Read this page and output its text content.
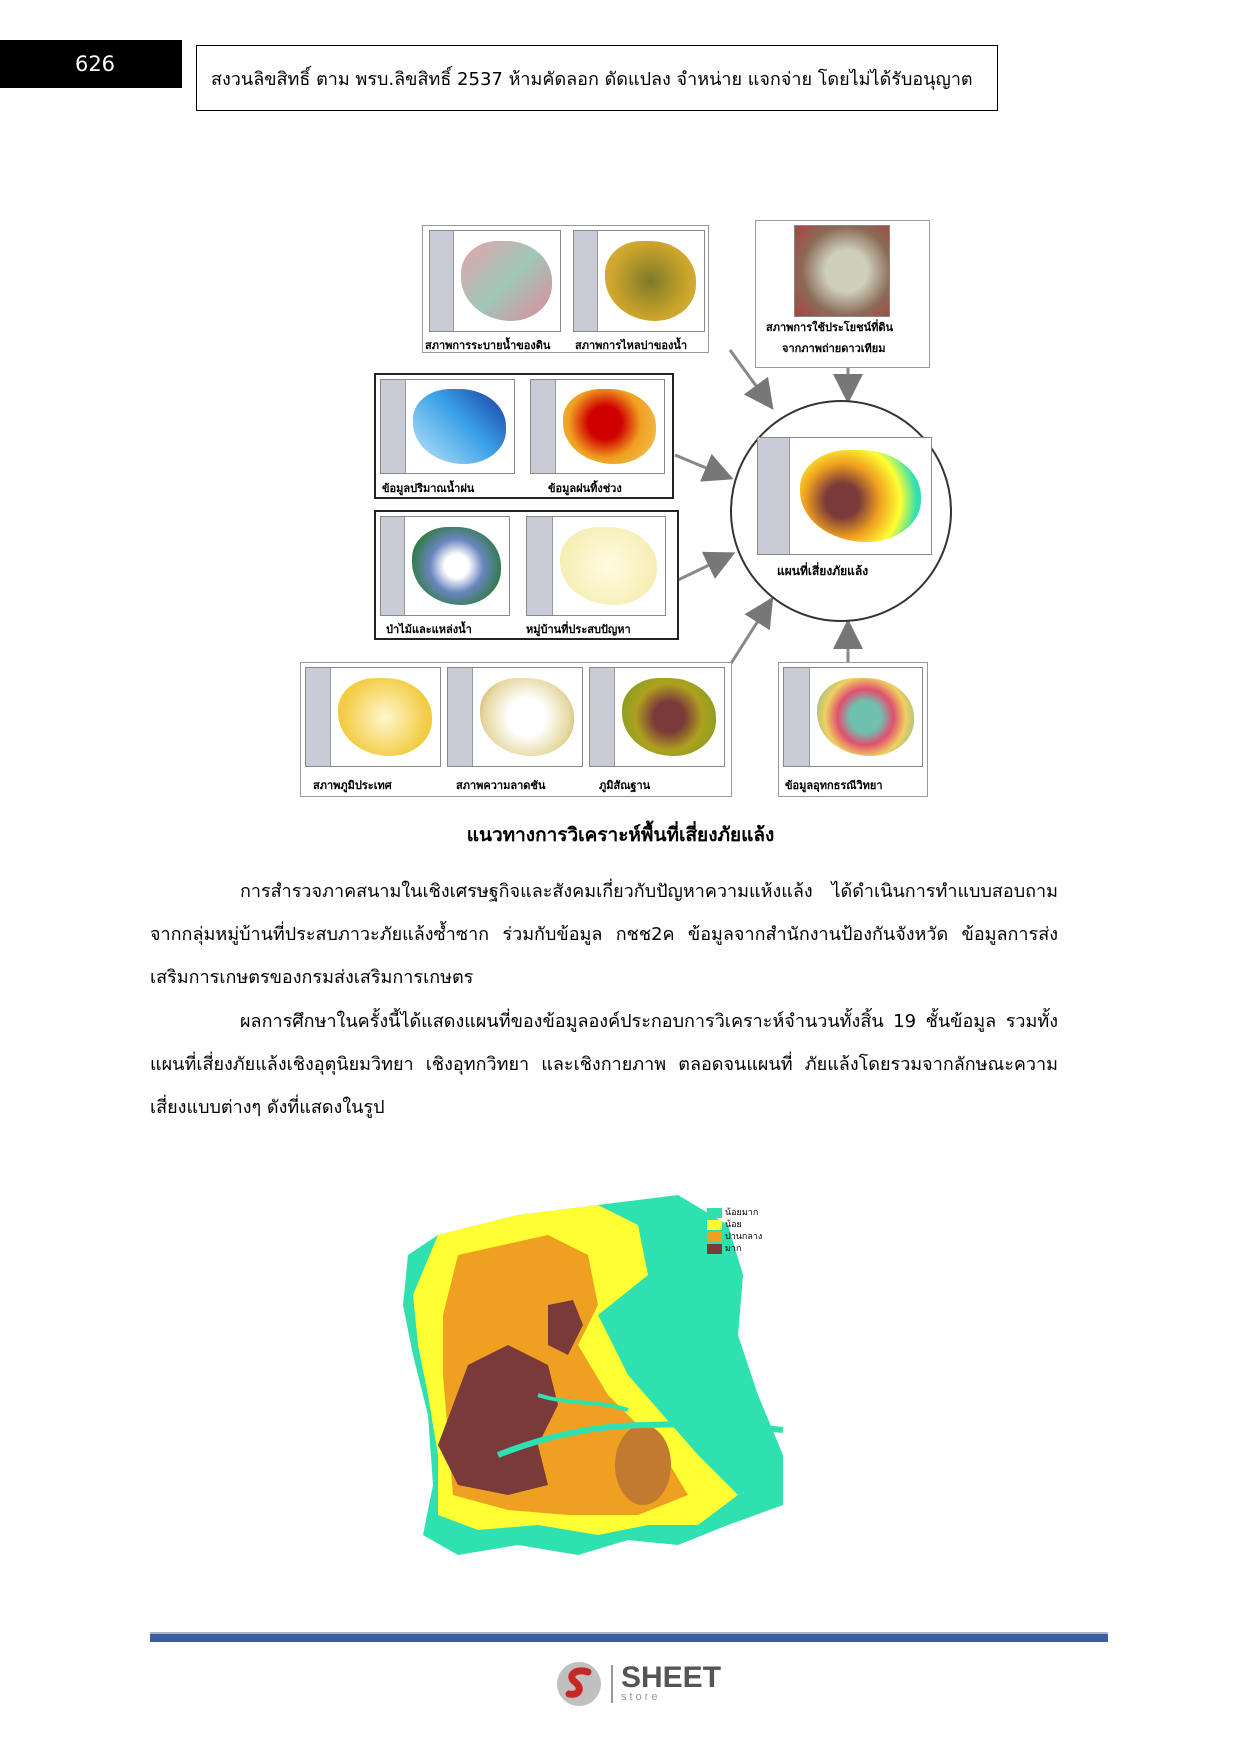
626
สงวนลิขสิทธิ์ ตาม พรบ.ลิขสิทธิ์ 2537 ห้ามคัดลอก ดัดแปลง จำหน่าย แจกจ่าย โดยไม่ได้รับอนุญาต
สภาพการระบายน้ำของดิน สภาพการไหลบ่าของน้ำ
สภาพการใช้ประโยชน์ที่ดิน
จากภาพถ่ายดาวเทียม
ข้อมูลปริมาณน้ำฝน	ข้อมูลฝนทิ้งช่วง
ป่าไม้และแหล่งน้ำ	หมู่บ้านที่ประสบปัญหา
สภาพภูมิประเทศ	สภาพความลาดชัน	ภูมิสัณฐาน	ข้อมูลอุทกธรณีวิทยา
แผนที่เสี่ยงภัยแล้ง
แนวทางการวิเคราะห์พื้นที่เสี่ยงภัยแล้ง

การสำรวจภาคสนามในเชิงเศรษฐกิจและสังคมเกี่ยวกับปัญหาความแห้งแล้ง ได้ดำเนินการทำแบบสอบถามจากกลุ่มหมู่บ้านที่ประสบภาวะภัยแล้งซ้ำซาก ร่วมกับข้อมูล กชช2ค ข้อมูลจากสำนักงานป้องกันจังหวัด ข้อมูลการส่งเสริมการเกษตรของกรมส่งเสริมการเกษตร

ผลการศึกษาในครั้งนี้ได้แสดงแผนที่ของข้อมูลองค์ประกอบการวิเคราะห์จำนวนทั้งสิ้น 19 ชั้นข้อมูล รวมทั้งแผนที่เสี่ยงภัยแล้งเชิงอุตุนิยมวิทยา เชิงอุทกวิทยา และเชิงกายภาพ ตลอดจนแผนที่ ภัยแล้งโดยรวมจากลักษณะความเสี่ยงแบบต่างๆ ดังที่แสดงในรูป

น้อยมาก
น้อย
ปานกลาง
มาก
SHEET
store
